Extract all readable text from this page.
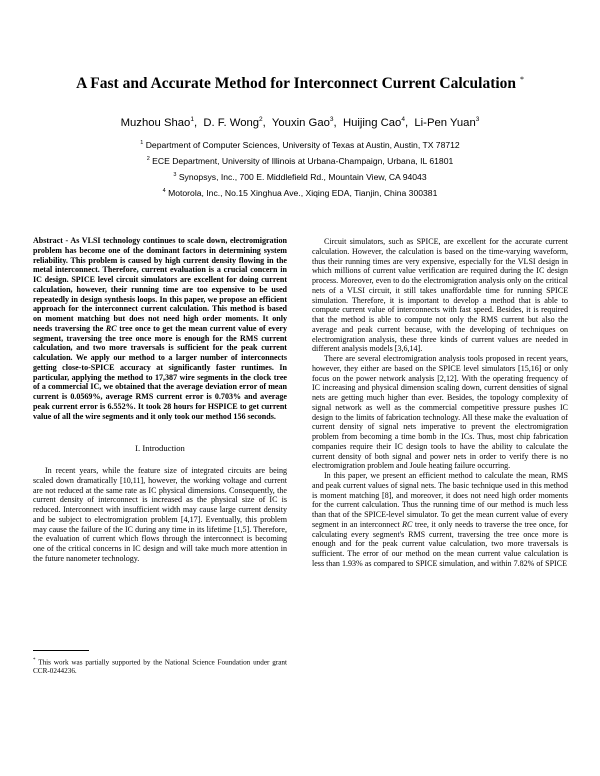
A Fast and Accurate Method for Interconnect Current Calculation *
Muzhou Shao$^1$,  D. F. Wong$^2$,  Youxin Gao$^3$,  Huijing Cao$^4$,  Li-Pen Yuan$^3$
$^1$ Department of Computer Sciences, University of Texas at Austin, Austin, TX 78712
$^2$ ECE Department, University of Illinois at Urbana-Champaign, Urbana, IL 61801
$^3$ Synopsys, Inc., 700 E. Middlefield Rd., Mountain View, CA 94043
$^4$ Motorola, Inc., No.15 Xinghua Ave., Xiqing EDA, Tianjin, China 300381

Abstract - As VLSI technology continues to scale down, electromigration problem has become one of the dominant factors in determining system reliability. This problem is caused by high current density flowing in the metal interconnect. Therefore, current evaluation is a crucial concern in IC design. SPICE level circuit simulators are excellent for doing current calculation, however, their running time are too expensive to be used repeatedly in design synthesis loops. In this paper, we propose an efficient approach for the interconnect current calculation. This method is based on moment matching but does not need high order moments. It only needs traversing the RC tree once to get the mean current value of every segment, traversing the tree once more is enough for the RMS current calculation, and two more traversals is sufficient for the peak current calculation. We apply our method to a larger number of interconnects getting close-to-SPICE accuracy at significantly faster runtimes. In particular, applying the method to 17,387 wire segments in the clock tree of a commercial IC, we obtained that the average deviation error of mean current is 0.0569%, average RMS current error is 0.703% and average peak current error is 6.552%. It took 28 hours for HSPICE to get current value of all the wire segments and it only took our method 156 seconds.

I. Introduction

In recent years, while the feature size of integrated circuits are being scaled down dramatically [10,11], however, the working voltage and current are not reduced at the same rate as IC physical dimensions. Consequently, the current density of interconnect is increased as the physical size of IC is reduced. Interconnect with insufficient width may cause large current density and be subject to electromigration problem [4,17]. Eventually, this problem may cause the failure of the IC during any time in its lifetime [1,5]. Therefore, the evaluation of current which flows through the interconnect is becoming one of the critical concerns in IC design and will take much more attention in the future nanometer technology.

Circuit simulators, such as SPICE, are excellent for the accurate current calculation. However, the calculation is based on the time-varying waveform, thus their running times are very expensive, especially for the VLSI design in which millions of current value verification are required during the IC design process. Moreover, even to do the electromigration analysis only on the critical nets of a VLSI circuit, it still takes unaffordable time for running SPICE simulation. Therefore, it is important to develop a method that is able to compute current value of interconnects with fast speed. Besides, it is required that the method is able to compute not only the RMS current but also the average and peak current because, with the developing of techniques on electromigration analysis, these three kinds of current values are needed in different analysis models [3,6,14].

There are several electromigration analysis tools proposed in recent years, however, they either are based on the SPICE level simulators [15,16] or only focus on the power network analysis [2,12]. With the operating frequency of IC increasing and physical dimension scaling down, current densities of signal nets are getting much higher than ever. Besides, the topology complexity of signal network as well as the commercial competitive pressure pushes IC design to the limits of fabrication technology. All these make the evaluation of current density of signal nets imperative to prevent the electromigration problem from becoming a time bomb in the ICs. Thus, most chip fabrication companies require their IC design tools to have the ability to calculate the current density of both signal and power nets in order to verify there is no electromigration problem and Joule heating failure occurring.

In this paper, we present an efficient method to calculate the mean, RMS and peak current values of signal nets. The basic technique used in this method is moment matching [8], and moreover, it does not need high order moments for the current calculation. Thus the running time of our method is much less than that of the SPICE-level simulator. To get the mean current value of every segment in an interconnect RC tree, it only needs to traverse the tree once, for calculating every segment's RMS current, traversing the tree once more is enough and for the peak current value calculation, two more traversals is sufficient. The error of our method on the mean current value calculation is less than 1.93% as compared to SPICE simulation, and within 7.82% of SPICE

* This work was partially supported by the National Science Foundation under grant CCR-0244236.
